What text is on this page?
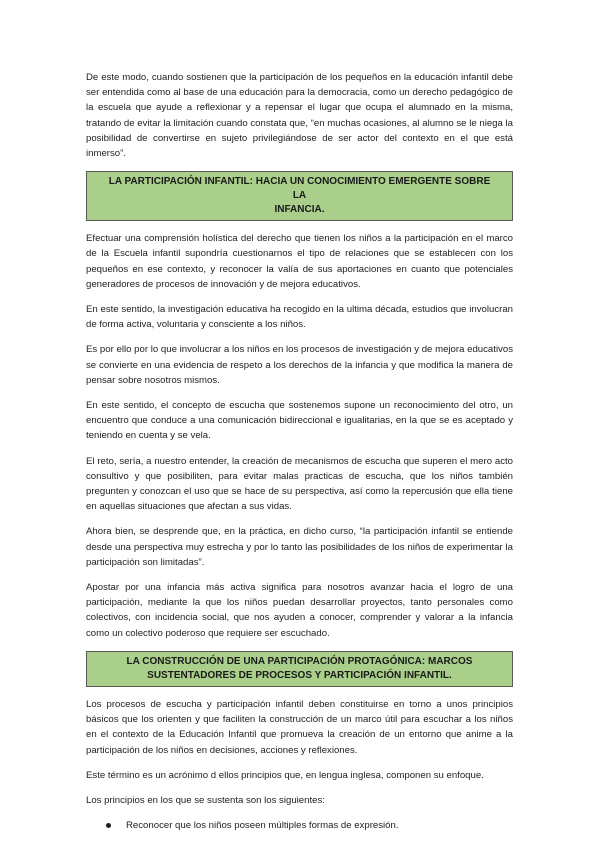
De este modo, cuando sostienen que la participación de los pequeños en la educación infantil debe ser entendida como al base de una educación para la democracia, como un derecho pedagógico de la escuela que ayude a reflexionar y a repensar el lugar que ocupa el alumnado en la misma, tratando de evitar la limitación cuando constata que, “en muchas ocasiones, al alumno se le niega la posibilidad de convertirse en sujeto privilegiándose de ser actor del contexto en el que está inmerso”.

LA PARTICIPACIÓN INFANTIL: HACIA UN CONOCIMIENTO EMERGENTE SOBRE LA
INFANCIA.

Efectuar una comprensión holística del derecho que tienen los niños a la participación en el marco de la Escuela infantil supondría cuestionarnos el tipo de relaciones que se establecen con los pequeños en ese contexto, y reconocer la valía de sus aportaciones en cuanto que potenciales generadores de procesos de innovación y de mejora educativos.

En este sentido, la investigación educativa ha recogido en la ultima década, estudios que involucran de forma activa, voluntaria y consciente a los niños.

Es por ello por lo que involucrar a los niños en los procesos de investigación y de mejora educativos se convierte en una evidencia de respeto a los derechos de la infancia y que modifica la manera de pensar sobre nosotros mismos.

En este sentido, el concepto de escucha que sostenemos supone un reconocimiento del otro, un encuentro que conduce a una comunicación bidireccional e igualitarias, en la que se es aceptado y teniendo en cuenta y se vela.

El reto, sería, a nuestro entender, la creación de mecanismos de escucha que superen el mero acto consultivo y que posibiliten, para evitar malas practicas de escucha, que los niños también pregunten y conozcan el uso que se hace de su perspectiva, así como la repercusión que ella tiene en aquellas situaciones que afectan a sus vidas.

Ahora bien, se desprende que, en la práctica, en dicho curso, “la participación infantil se entiende desde una perspectiva muy estrecha y por lo tanto las posibilidades de los niños de experimentar la participación son limitadas”.

Apostar por una infancia más activa significa para nosotros avanzar hacia el logro de una participación, mediante la que los niños puedan desarrollar proyectos, tanto personales como colectivos, con incidencia social, que nos ayuden a conocer, comprender y valorar a la infancia como un colectivo poderoso que requiere ser escuchado.

LA CONSTRUCCIÓN DE UNA PARTICIPACIÓN PROTAGÓNICA: MARCOS
SUSTENTADORES DE PROCESOS Y PARTICIPACIÓN INFANTIL.

Los procesos de escucha y participación infantil deben constituirse en torno a unos principios básicos que los orienten y que faciliten la construcción de un marco útil para escuchar a los niños en el contexto de la Educación Infantil que promueva la creación de un entorno que anime a la participación de los niños en decisiones, acciones y reflexiones.

Este término es un acrónimo d ellos principios que, en lengua inglesa, componen su enfoque.

Los principios en los que se sustenta son los siguientes:

Reconocer que los niños poseen múltiples formas de expresión.
